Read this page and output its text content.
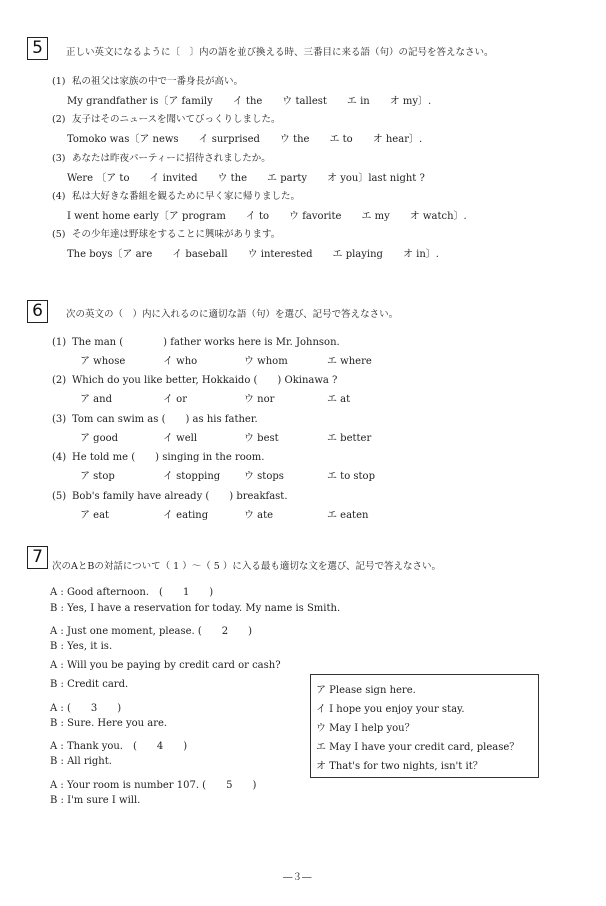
5	正しい英文になるように〔　〕内の語を並び換える時、三番目に来る語（句）の記号を答えなさい。
(1) 私の祖父は家族の中で一番身長が高い。
My grandfather is〔ア family　　イ the　　ウ tallest　　エ in　　オ my〕.
(2) 友子はそのニュースを聞いてびっくりしました。
Tomoko was〔ア news　　イ surprised　　ウ the　　エ to　　オ hear〕.
(3) あなたは昨夜パーティーに招待されましたか。
Were 〔ア to　　イ invited　　ウ the　　エ party　　オ you〕last night ?
(4) 私は大好きな番組を観るために早く家に帰りました。
I went home early〔ア program　　イ to　　ウ favorite　　エ my　　オ watch〕.
(5) その少年達は野球をすることに興味があります。
The boys〔ア are　　イ baseball　　ウ interested　　エ playing　　オ in〕.
6	次の英文の（　）内に入れるのに適切な語（句）を選び、記号で答えなさい。
(1) The man (　　　　) father works here is Mr. Johnson.
ア whose	イ who	ウ whom	エ where
(2) Which do you like better, Hokkaido (　　) Okinawa ?
ア and	イ or	ウ nor	エ at
(3) Tom can swim as (　　) as his father.
ア good	イ well	ウ best	エ better
(4) He told me (　　) singing in the room.
ア stop	イ stopping ウ stops	エ to stop
(5) Bob's family have already (　　) breakfast.
ア eat	イ eating	ウ ate	エ eaten
7 次のAとBの対話について（ 1 ）～（ 5 ）に入る最も適切な文を選び、記号で答えなさい。
A : Good afternoon.　(　　1　　)
B : Yes, I have a reservation for today. My name is Smith.
A : Just one moment, please. (　　2　　)
B : Yes, it is.
A : Will you be paying by credit card or cash?
B : Credit card.
A : (　　3　　)
B : Sure. Here you are.
A : Thank you.　(　　4　　)
B : All right.
A : Your room is number 107. (　　5　　)
B : I'm sure I will.
ア Please sign here.
イ I hope you enjoy your stay.
ウ May I help you？
エ May I have your credit card, please？
オ That's for two nights, isn't it？
―３―
